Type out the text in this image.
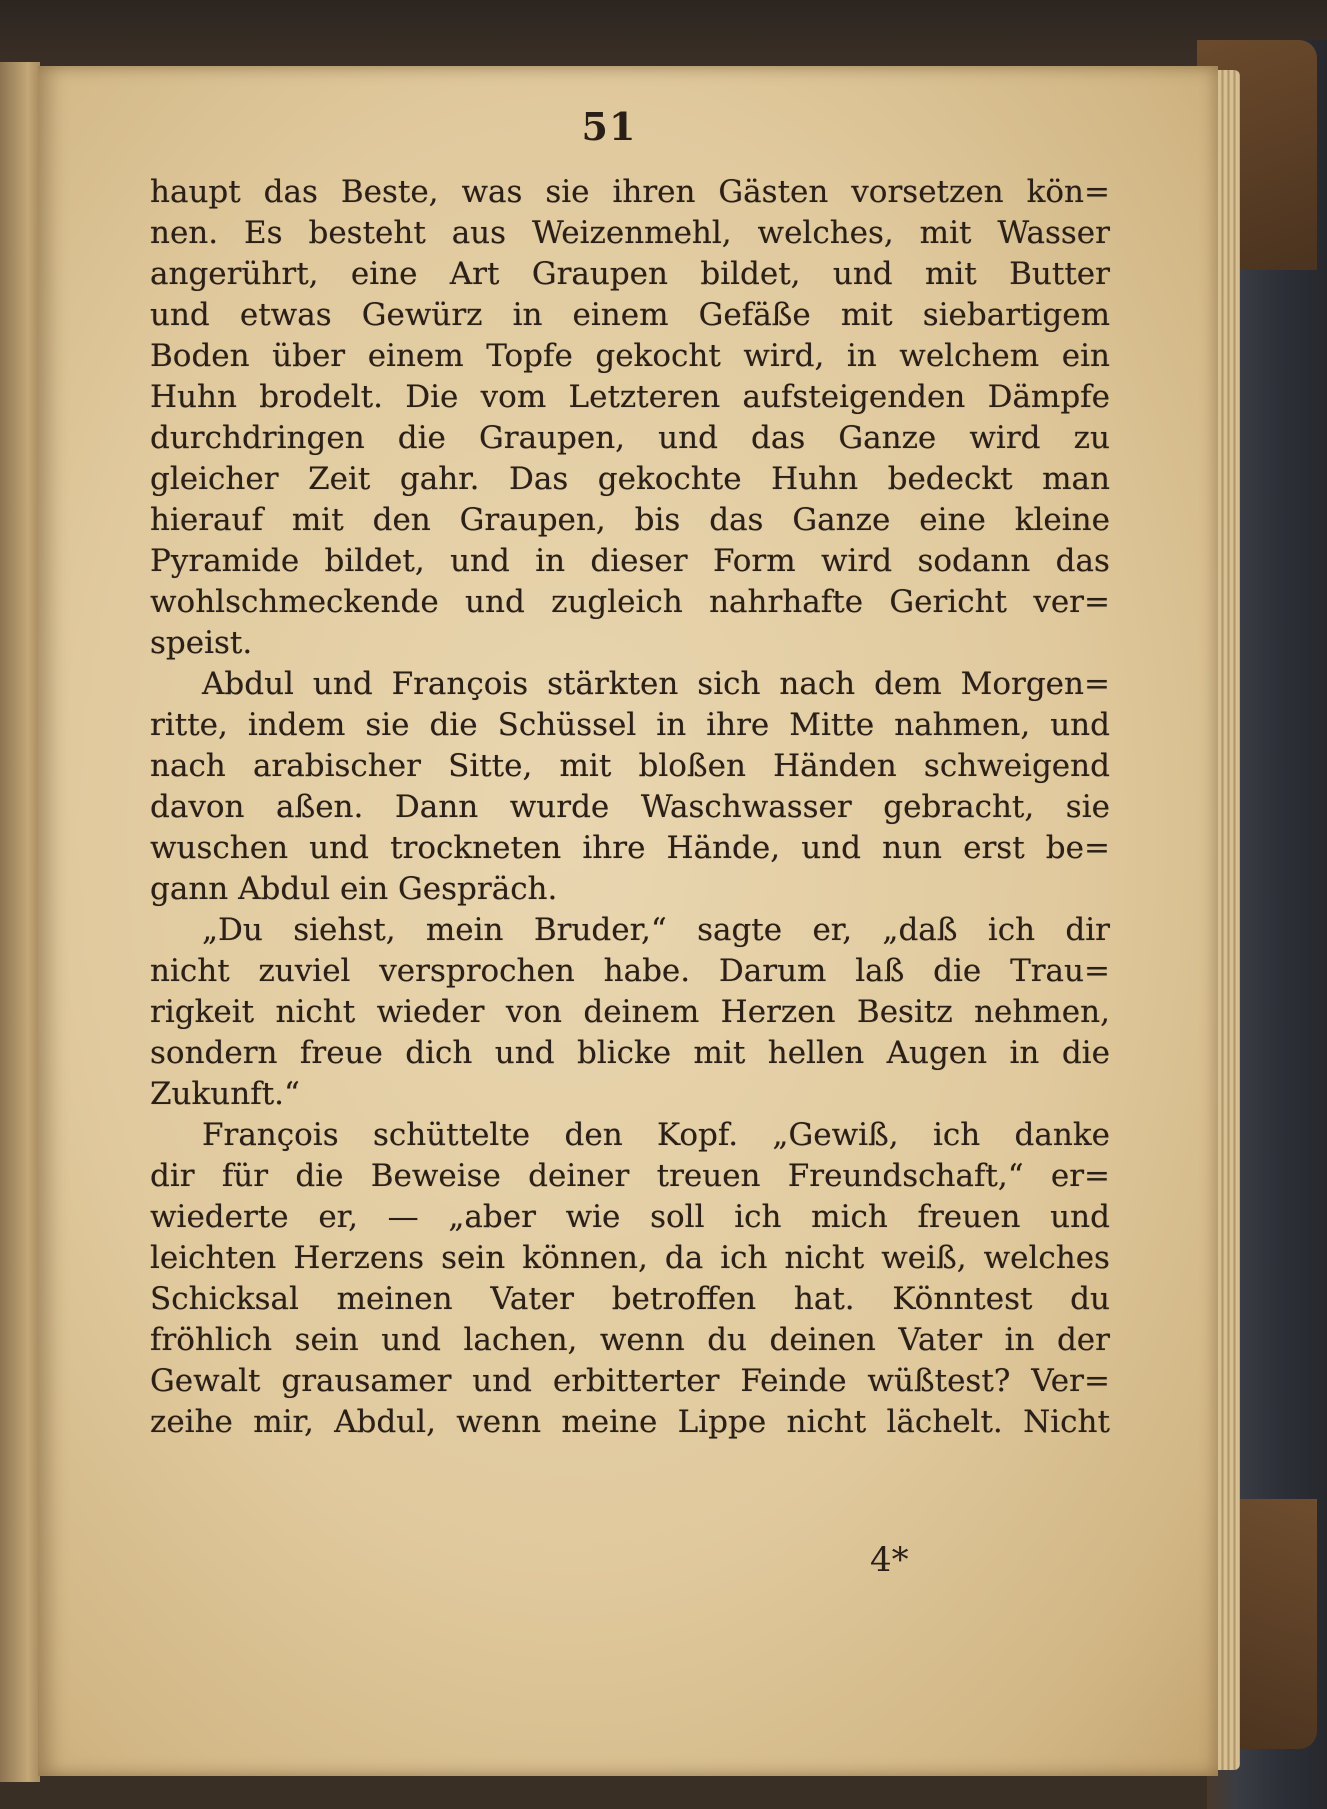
51
haupt das Beste, was sie ihren Gästen vorsetzen kön=
nen. Es besteht aus Weizenmehl, welches, mit Wasser
angerührt, eine Art Graupen bildet, und mit Butter
und etwas Gewürz in einem Gefäße mit siebartigem
Boden über einem Topfe gekocht wird, in welchem ein
Huhn brodelt. Die vom Letzteren aufsteigenden Dämpfe
durchdringen die Graupen, und das Ganze wird zu
gleicher Zeit gahr. Das gekochte Huhn bedeckt man
hierauf mit den Graupen, bis das Ganze eine kleine
Pyramide bildet, und in dieser Form wird sodann das
wohlschmeckende und zugleich nahrhafte Gericht ver=
speist.
Abdul und François stärkten sich nach dem Morgen=
ritte, indem sie die Schüssel in ihre Mitte nahmen, und
nach arabischer Sitte, mit bloßen Händen schweigend
davon aßen. Dann wurde Waschwasser gebracht, sie
wuschen und trockneten ihre Hände, und nun erst be=
gann Abdul ein Gespräch.
„Du siehst, mein Bruder,“ sagte er, „daß ich dir
nicht zuviel versprochen habe. Darum laß die Trau=
rigkeit nicht wieder von deinem Herzen Besitz nehmen,
sondern freue dich und blicke mit hellen Augen in die
Zukunft.“
François schüttelte den Kopf. „Gewiß, ich danke
dir für die Beweise deiner treuen Freundschaft,“ er=
wiederte er, — „aber wie soll ich mich freuen und
leichten Herzens sein können, da ich nicht weiß, welches
Schicksal meinen Vater betroffen hat. Könntest du
fröhlich sein und lachen, wenn du deinen Vater in der
Gewalt grausamer und erbitterter Feinde wüßtest? Ver=
zeihe mir, Abdul, wenn meine Lippe nicht lächelt. Nicht
4*
